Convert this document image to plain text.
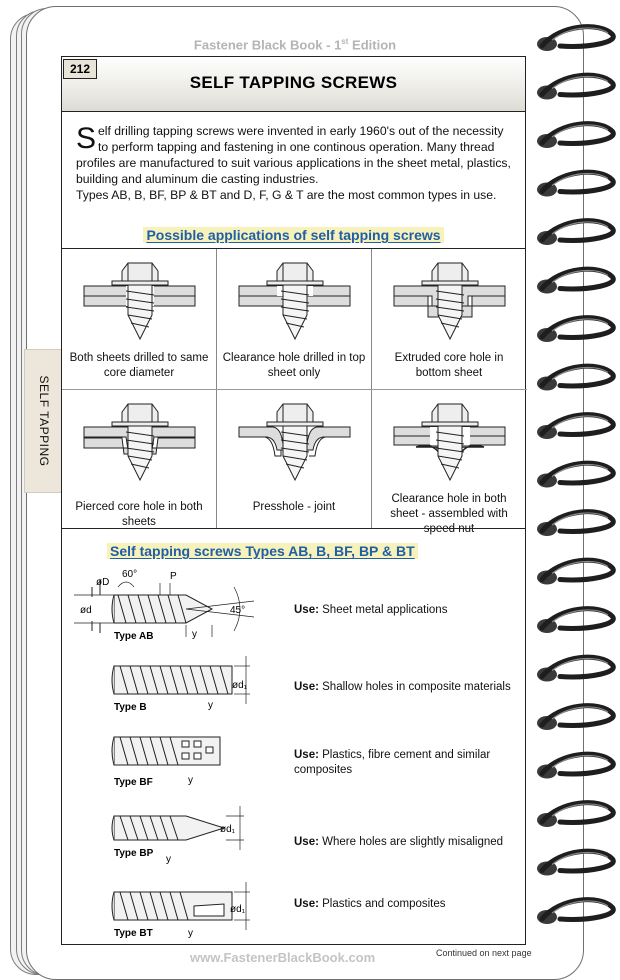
Fastener Black Book - 1st Edition
SELF TAPPING
212
SELF TAPPING SCREWS
Self drilling tapping screws were invented in early 1960's out of the necessity to perform tapping and fastening in one continous operation. Many thread profiles are manufactured to suit various applications in the sheet metal, plastics, building and aluminum die casting industries.
Types AB, B, BF, BP & BT and D, F, G & T are the most common types in use.
Possible applications of self tapping screws
Both sheets drilled to same core diameter
Clearance hole drilled in top sheet only
Extruded core hole in bottom sheet
Pierced core hole in both sheets
Presshole - joint
Clearance hole in both sheet - assembled with speed nut
Self tapping screws Types AB, B, BF, BP & BT
øD
60°	P
ød	45°
y
Type AB
Use: Sheet metal applications
ød₁
y
Type B
Use: Shallow holes in composite materials
y
Type BF
Use: Plastics, fibre cement and similar composites
ød₁
y
Type BP
Use: Where holes are slightly misaligned
ød₁
y
Type BT
Use: Plastics and composites
www.FastenerBlackBook.com	Continued on next page
